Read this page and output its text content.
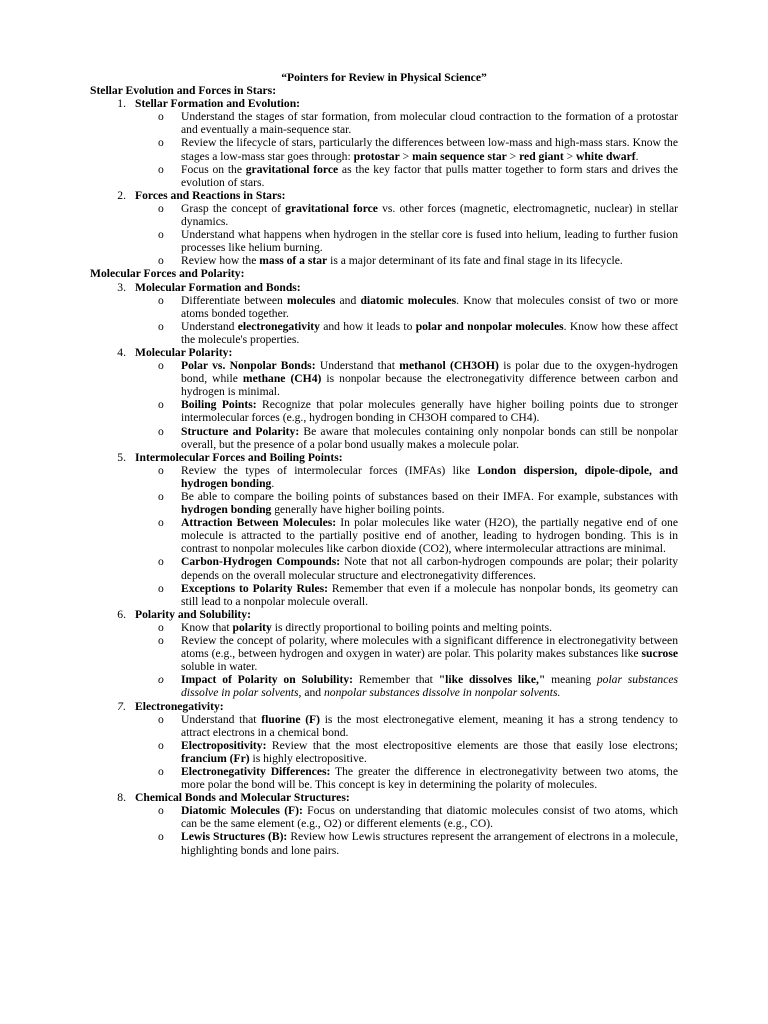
“Pointers for Review in Physical Science”

Stellar Evolution and Forces in Stars:

1. Stellar Formation and Evolution:
o Understand the stages of star formation, from molecular cloud contraction to the formation of a protostar and eventually a main-sequence star.
o Review the lifecycle of stars, particularly the differences between low-mass and high-mass stars. Know the stages a low-mass star goes through: protostar > main sequence star > red giant > white dwarf.
o Focus on the gravitational force as the key factor that pulls matter together to form stars and drives the evolution of stars.
2. Forces and Reactions in Stars:
o Grasp the concept of gravitational force vs. other forces (magnetic, electromagnetic, nuclear) in stellar dynamics.
o Understand what happens when hydrogen in the stellar core is fused into helium, leading to further fusion processes like helium burning.
o Review how the mass of a star is a major determinant of its fate and final stage in its lifecycle.

Molecular Forces and Polarity:

3. Molecular Formation and Bonds:
o Differentiate between molecules and diatomic molecules. Know that molecules consist of two or more atoms bonded together.
o Understand electronegativity and how it leads to polar and nonpolar molecules. Know how these affect the molecule's properties.
4. Molecular Polarity:
o Polar vs. Nonpolar Bonds: Understand that methanol (CH3OH) is polar due to the oxygen-hydrogen bond, while methane (CH4) is nonpolar because the electronegativity difference between carbon and hydrogen is minimal.
o Boiling Points: Recognize that polar molecules generally have higher boiling points due to stronger intermolecular forces (e.g., hydrogen bonding in CH3OH compared to CH4).
o Structure and Polarity: Be aware that molecules containing only nonpolar bonds can still be nonpolar overall, but the presence of a polar bond usually makes a molecule polar.
5. Intermolecular Forces and Boiling Points:
o Review the types of intermolecular forces (IMFAs) like London dispersion, dipole-dipole, and hydrogen bonding.
o Be able to compare the boiling points of substances based on their IMFA. For example, substances with hydrogen bonding generally have higher boiling points.
o Attraction Between Molecules: In polar molecules like water (H2O), the partially negative end of one molecule is attracted to the partially positive end of another, leading to hydrogen bonding. This is in contrast to nonpolar molecules like carbon dioxide (CO2), where intermolecular attractions are minimal.
o Carbon-Hydrogen Compounds: Note that not all carbon-hydrogen compounds are polar; their polarity depends on the overall molecular structure and electronegativity differences.
o Exceptions to Polarity Rules: Remember that even if a molecule has nonpolar bonds, its geometry can still lead to a nonpolar molecule overall.
6. Polarity and Solubility:
o Know that polarity is directly proportional to boiling points and melting points.
o Review the concept of polarity, where molecules with a significant difference in electronegativity between atoms (e.g., between hydrogen and oxygen in water) are polar. This polarity makes substances like sucrose soluble in water.
o Impact of Polarity on Solubility: Remember that "like dissolves like," meaning polar substances dissolve in polar solvents, and nonpolar substances dissolve in nonpolar solvents.
7. Electronegativity:
o Understand that fluorine (F) is the most electronegative element, meaning it has a strong tendency to attract electrons in a chemical bond.
o Electropositivity: Review that the most electropositive elements are those that easily lose electrons; francium (Fr) is highly electropositive.
o Electronegativity Differences: The greater the difference in electronegativity between two atoms, the more polar the bond will be. This concept is key in determining the polarity of molecules.
8. Chemical Bonds and Molecular Structures:
o Diatomic Molecules (F): Focus on understanding that diatomic molecules consist of two atoms, which can be the same element (e.g., O2) or different elements (e.g., CO).
o Lewis Structures (B): Review how Lewis structures represent the arrangement of electrons in a molecule, highlighting bonds and lone pairs.
